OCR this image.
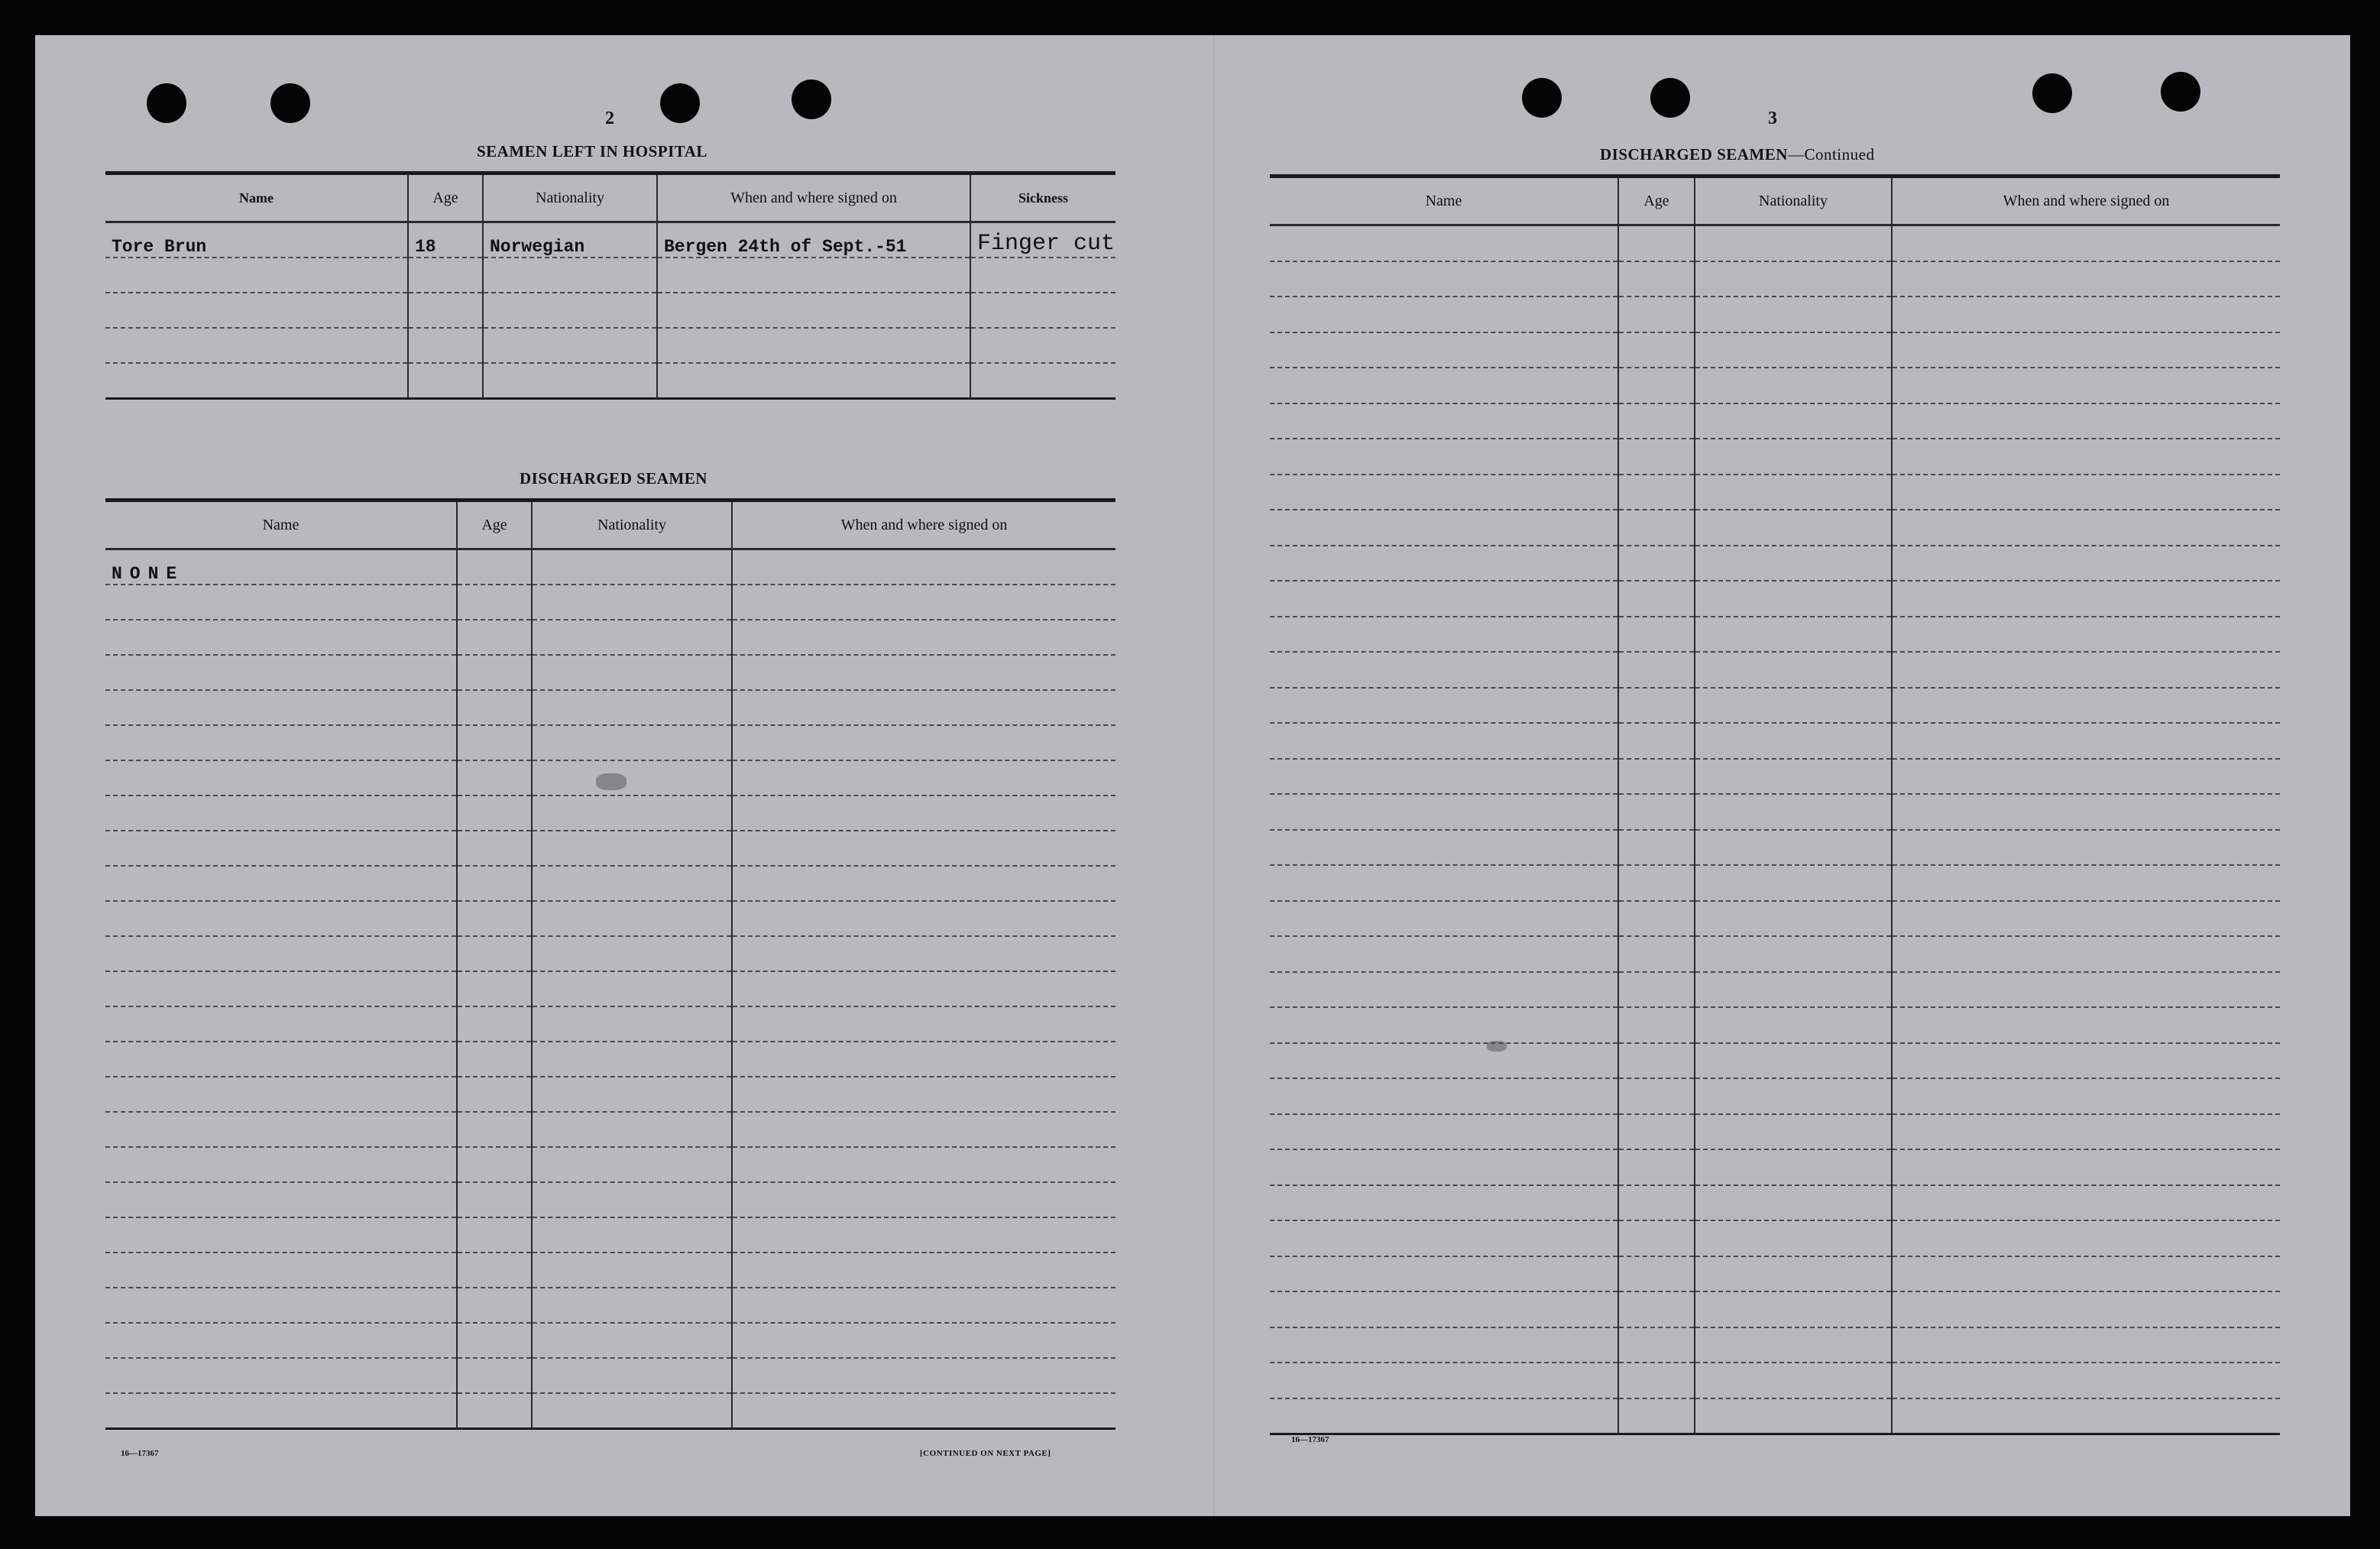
2
SEAMEN LEFT IN HOSPITAL
Name	Age	Nationality	When and where signed on	Sickness
Tore Brun	18	Norwegian	Bergen 24th of Sept.-51	Finger cut

DISCHARGED SEAMEN
Name	Age	Nationality	When and where signed on
NONE			

16—17367	[CONTINUED ON NEXT PAGE]
3
DISCHARGED SEAMEN—Continued
Name	Age	Nationality	When and where signed on

16—17367
